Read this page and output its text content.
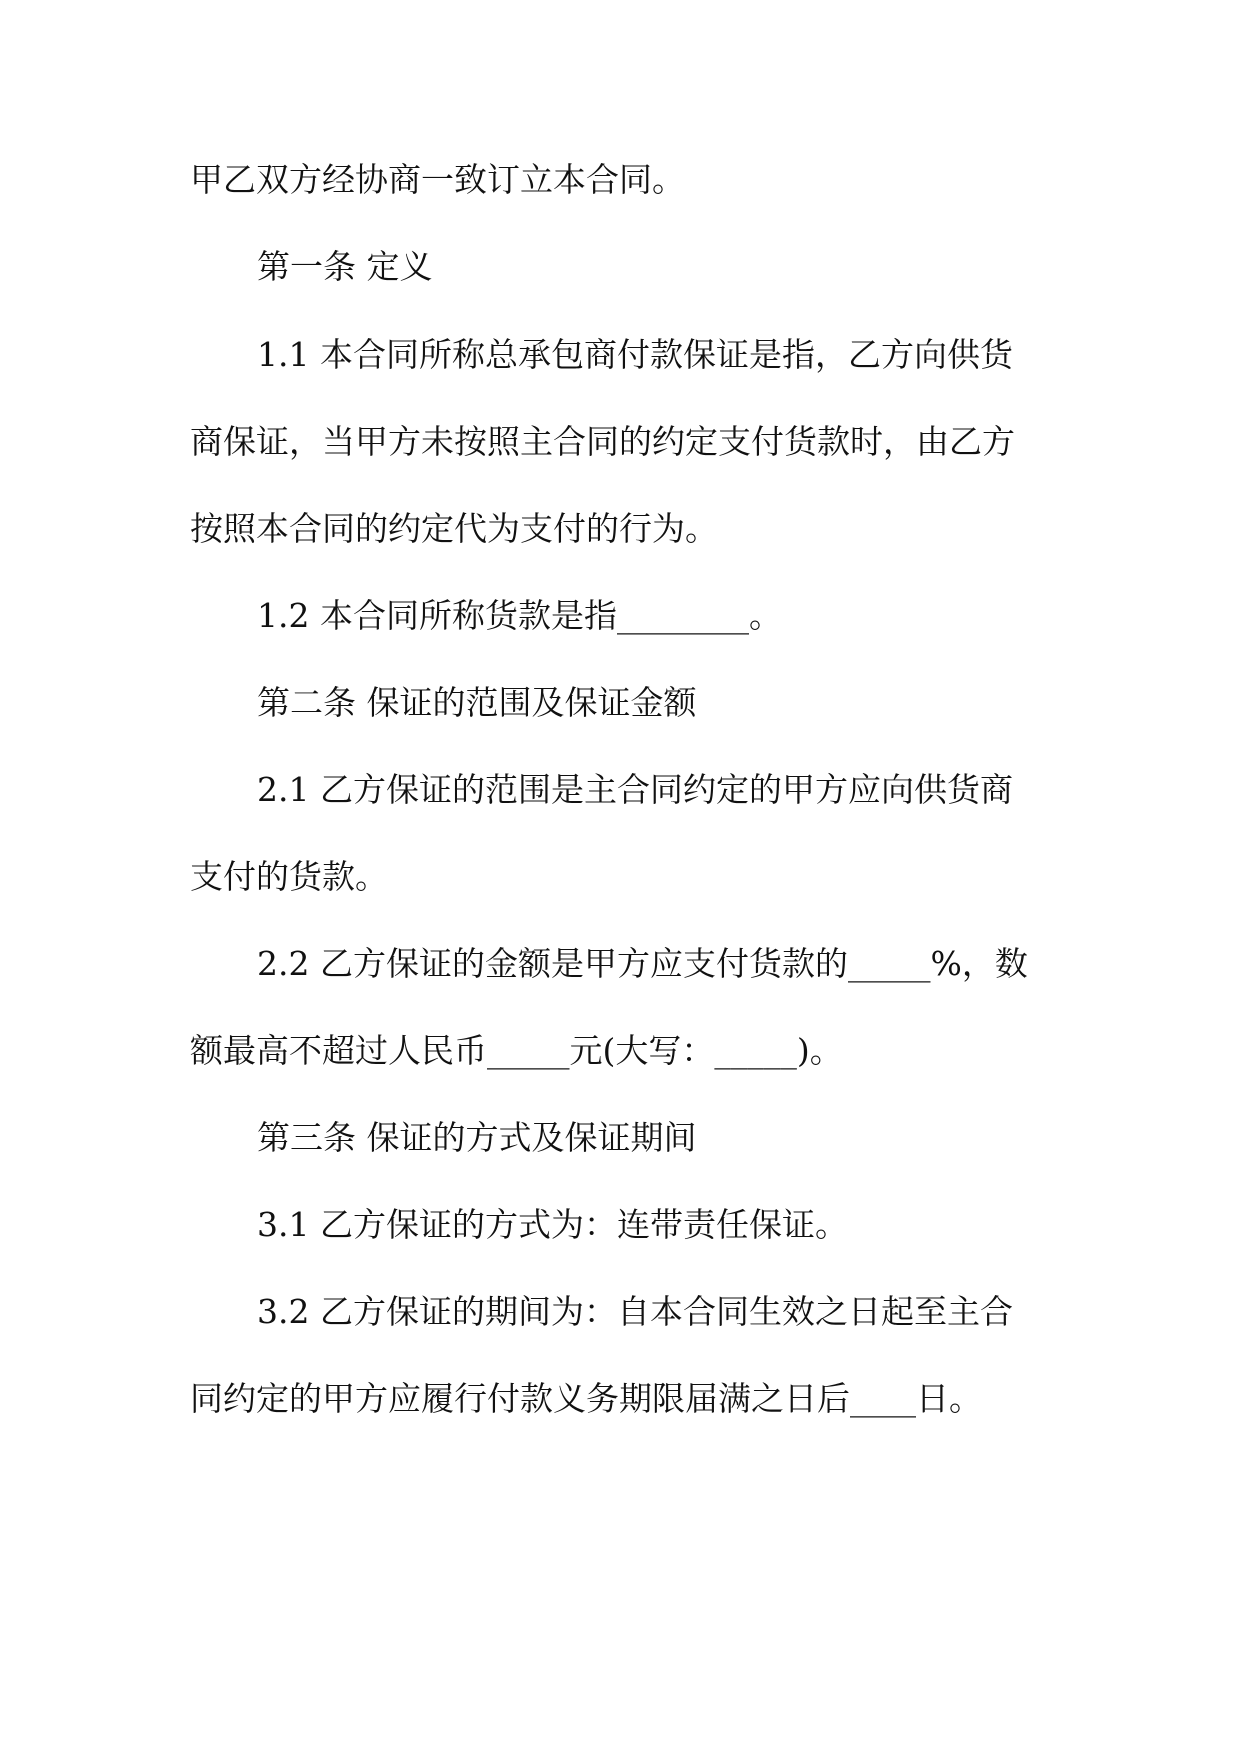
甲乙双方经协商一致订立本合同。
第一条 定义
1.1 本合同所称总承包商付款保证是指，乙方向供货
商保证，当甲方未按照主合同的约定支付货款时，由乙方
按照本合同的约定代为支付的行为。
1.2 本合同所称货款是指________。
第二条 保证的范围及保证金额
2.1 乙方保证的范围是主合同约定的甲方应向供货商
支付的货款。
2.2 乙方保证的金额是甲方应支付货款的_____%，数
额最高不超过人民币_____元(大写：_____)。
第三条 保证的方式及保证期间
3.1 乙方保证的方式为：连带责任保证。
3.2 乙方保证的期间为：自本合同生效之日起至主合
同约定的甲方应履行付款义务期限届满之日后____日。
